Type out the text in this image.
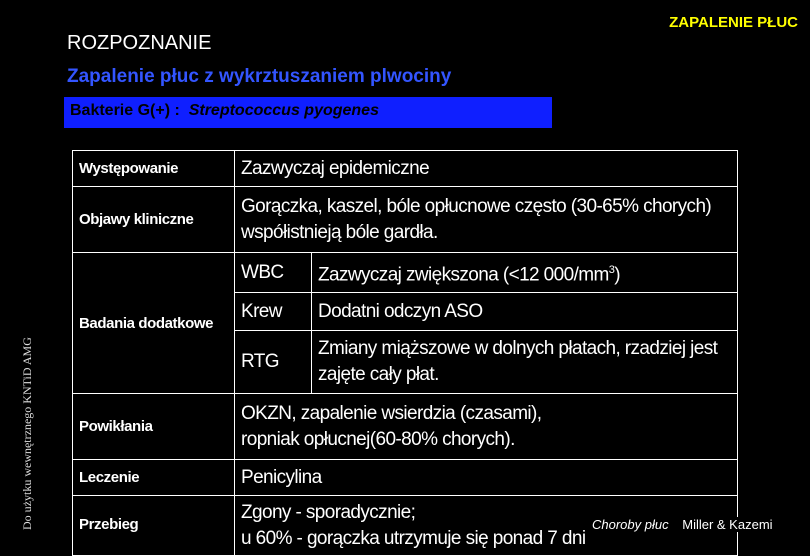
Do użytku wewnętrznego KNTiD AMG
ZAPALENIE PŁUC
ROZPOZNANIE
Zapalenie płuc z wykrztuszaniem plwociny
Bakterie G(+) : Streptococcus pyogenes
Występowanie	Zazwyczaj epidemiczne	
Objawy kliniczne	Gorączka, kaszel, bóle opłucnowe często (30-65% chorych)
współistnieją bóle gardła.	

Badania dodatkowe	WBC	Zazwyczaj zwiększona (<12 $000/mm^3$)
	Krew	Dodatni odczyn ASO
	RTG	Zmiany miąższowe w dolnych płatach, rzadziej jest
zajęte cały płat.

Powikłania	OKZN, zapalenie wsierdzia (czasami),
ropniak opłucnej(60-80% chorych).	

Leczenie	Penicylina	
Przebieg	Zgony - sporadycznie;
u 60% - gorączka utrzymuje się ponad 7 dni	
Choroby płuc Miller & Kazemi
